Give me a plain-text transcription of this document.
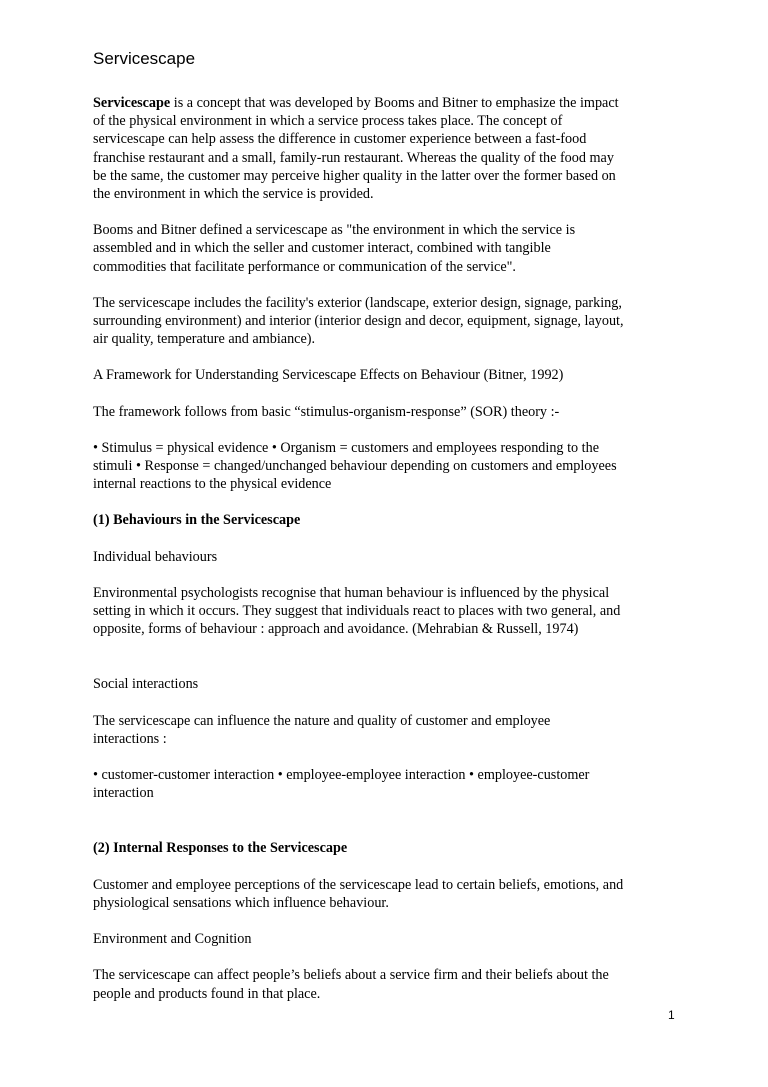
Servicescape

Servicescape is a concept that was developed by Booms and Bitner to emphasize the impact

of the physical environment in which a service process takes place. The concept of

servicescape can help assess the difference in customer experience between a fast-food

franchise restaurant and a small, family-run restaurant. Whereas the quality of the food may

be the same, the customer may perceive higher quality in the latter over the former based on

the environment in which the service is provided.

Booms and Bitner defined a servicescape as "the environment in which the service is

assembled and in which the seller and customer interact, combined with tangible

commodities that facilitate performance or communication of the service".

The servicescape includes the facility's exterior (landscape, exterior design, signage, parking,

surrounding environment) and interior (interior design and decor, equipment, signage, layout,

air quality, temperature and ambiance).

A Framework for Understanding Servicescape Effects on Behaviour (Bitner, 1992)

The framework follows from basic “stimulus-organism-response” (SOR) theory :-

• Stimulus = physical evidence • Organism = customers and employees responding to the

stimuli • Response = changed/unchanged behaviour depending on customers and employees

internal reactions to the physical evidence

(1) Behaviours in the Servicescape

Individual behaviours

Environmental psychologists recognise that human behaviour is influenced by the physical

setting in which it occurs. They suggest that individuals react to places with two general, and

opposite, forms of behaviour : approach and avoidance. (Mehrabian & Russell, 1974)

Social interactions

The servicescape can influence the nature and quality of customer and employee

interactions :

• customer-customer interaction • employee-employee interaction • employee-customer

interaction

(2) Internal Responses to the Servicescape

Customer and employee perceptions of the servicescape lead to certain beliefs, emotions, and

physiological sensations which influence behaviour.

Environment and Cognition

The servicescape can affect people’s beliefs about a service firm and their beliefs about the

people and products found in that place.

1
